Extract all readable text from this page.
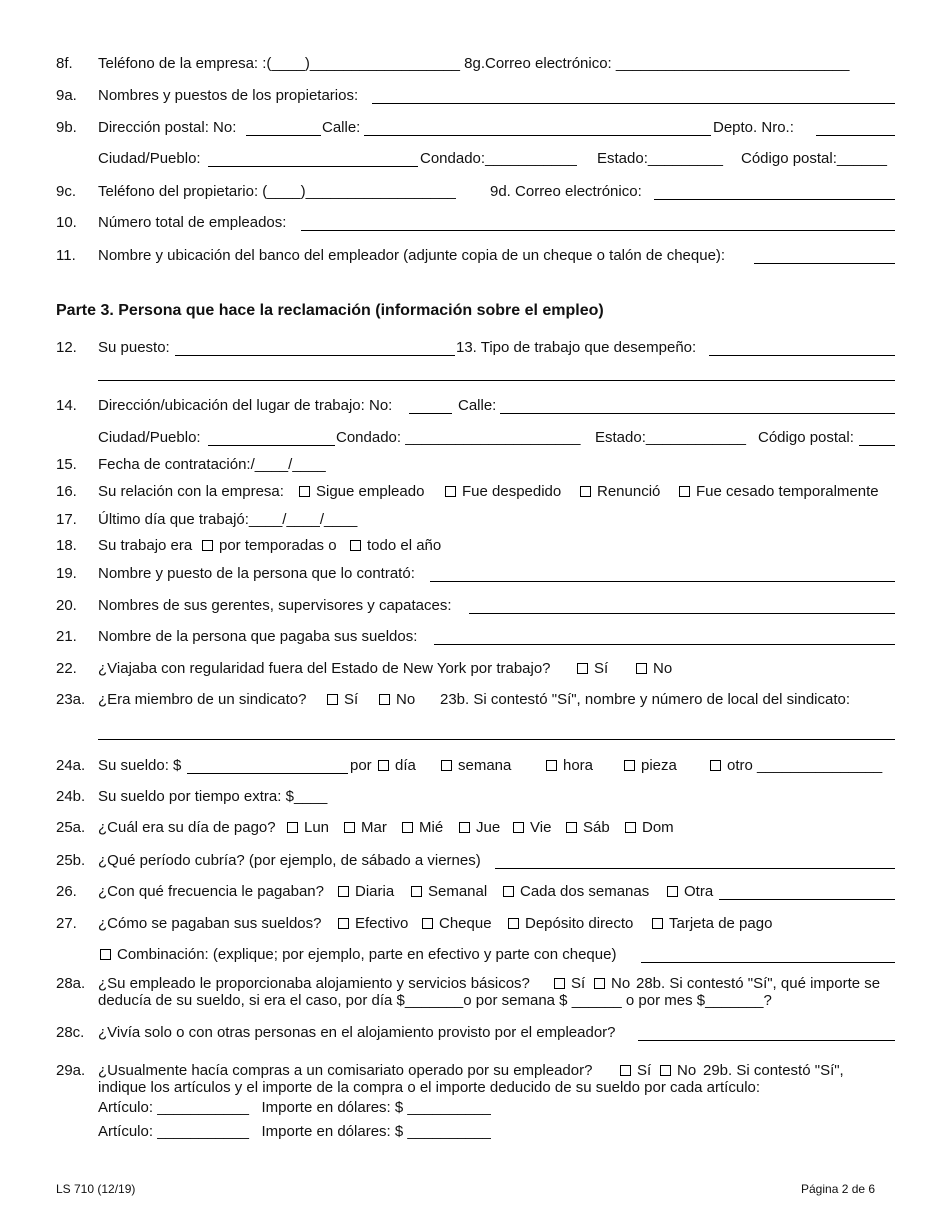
8f. Teléfono de la empresa: :(____)__________________ 8g.Correo electrónico: ____________________________
9a. Nombres y puestos de los propietarios:
9b. Dirección postal: No:	Calle:	Depto. Nro.:
Ciudad/Pueblo:	Condado:___________ Estado:_________ Código postal:______
9c. Teléfono del propietario: (____)__________________ 9d. Correo electrónico:
10. Número total de empleados:
11. Nombre y ubicación del banco del empleador (adjunte copia de un cheque o talón de cheque):
Parte 3. Persona que hace la reclamación (información sobre el empleo)
12. Su puesto:	13. Tipo de trabajo que desempeño:
14. Dirección/ubicación del lugar de trabajo: No:	Calle:
Ciudad/Pueblo:	Condado: _____________________ Estado:____________ Código postal:
15. Fecha de contratación:/____/____
16. Su relación con la empresa:	Sigue empleado	Fue despedido	Renunció	Fue cesado temporalmente
17. Último día que trabajó:____/____/____
18. Su trabajo era	por temporadas o	todo el año
19. Nombre y puesto de la persona que lo contrató:
20. Nombres de sus gerentes, supervisores y capataces:
21. Nombre de la persona que pagaba sus sueldos:
22. ¿Viajaba con regularidad fuera del Estado de New York por trabajo?	Sí	No
23a. ¿Era miembro de un sindicato?	Sí	No 23b. Si contestó "Sí", nombre y número de local del sindicato:
24a. Su sueldo: $	por	día	semana	hora	pieza	otro _______________
24b. Su sueldo por tiempo extra: $____
25a. ¿Cuál era su día de pago?	Lun	Mar	Mié	Jue	Vie	Sáb	Dom
25b. ¿Qué período cubría? (por ejemplo, de sábado a viernes)
26. ¿Con qué frecuencia le pagaban?	Diaria	Semanal	Cada dos semanas	Otra
27. ¿Cómo se pagaban sus sueldos?	Efectivo	Cheque	Depósito directo	Tarjeta de pago
Combinación: (explique; por ejemplo, parte en efectivo y parte con cheque)
28a. ¿Su empleado le proporcionaba alojamiento y servicios básicos?	Sí	No 28b. Si contestó "Sí", qué importe se
deducía de su sueldo, si era el caso, por día $_______o por semana $ ______ o por mes $_______?
28c. ¿Vivía solo o con otras personas en el alojamiento provisto por el empleador?
29a. ¿Usualmente hacía compras a un comisariato operado por su empleador?	Sí	No 29b. Si contestó "Sí",
indique los artículos y el importe de la compra o el importe deducido de su sueldo por cada artículo:
Artículo: ___________ Importe en dólares: $ __________
Artículo: ___________ Importe en dólares: $ __________
LS 710 (12/19)	Página 2 de 6
